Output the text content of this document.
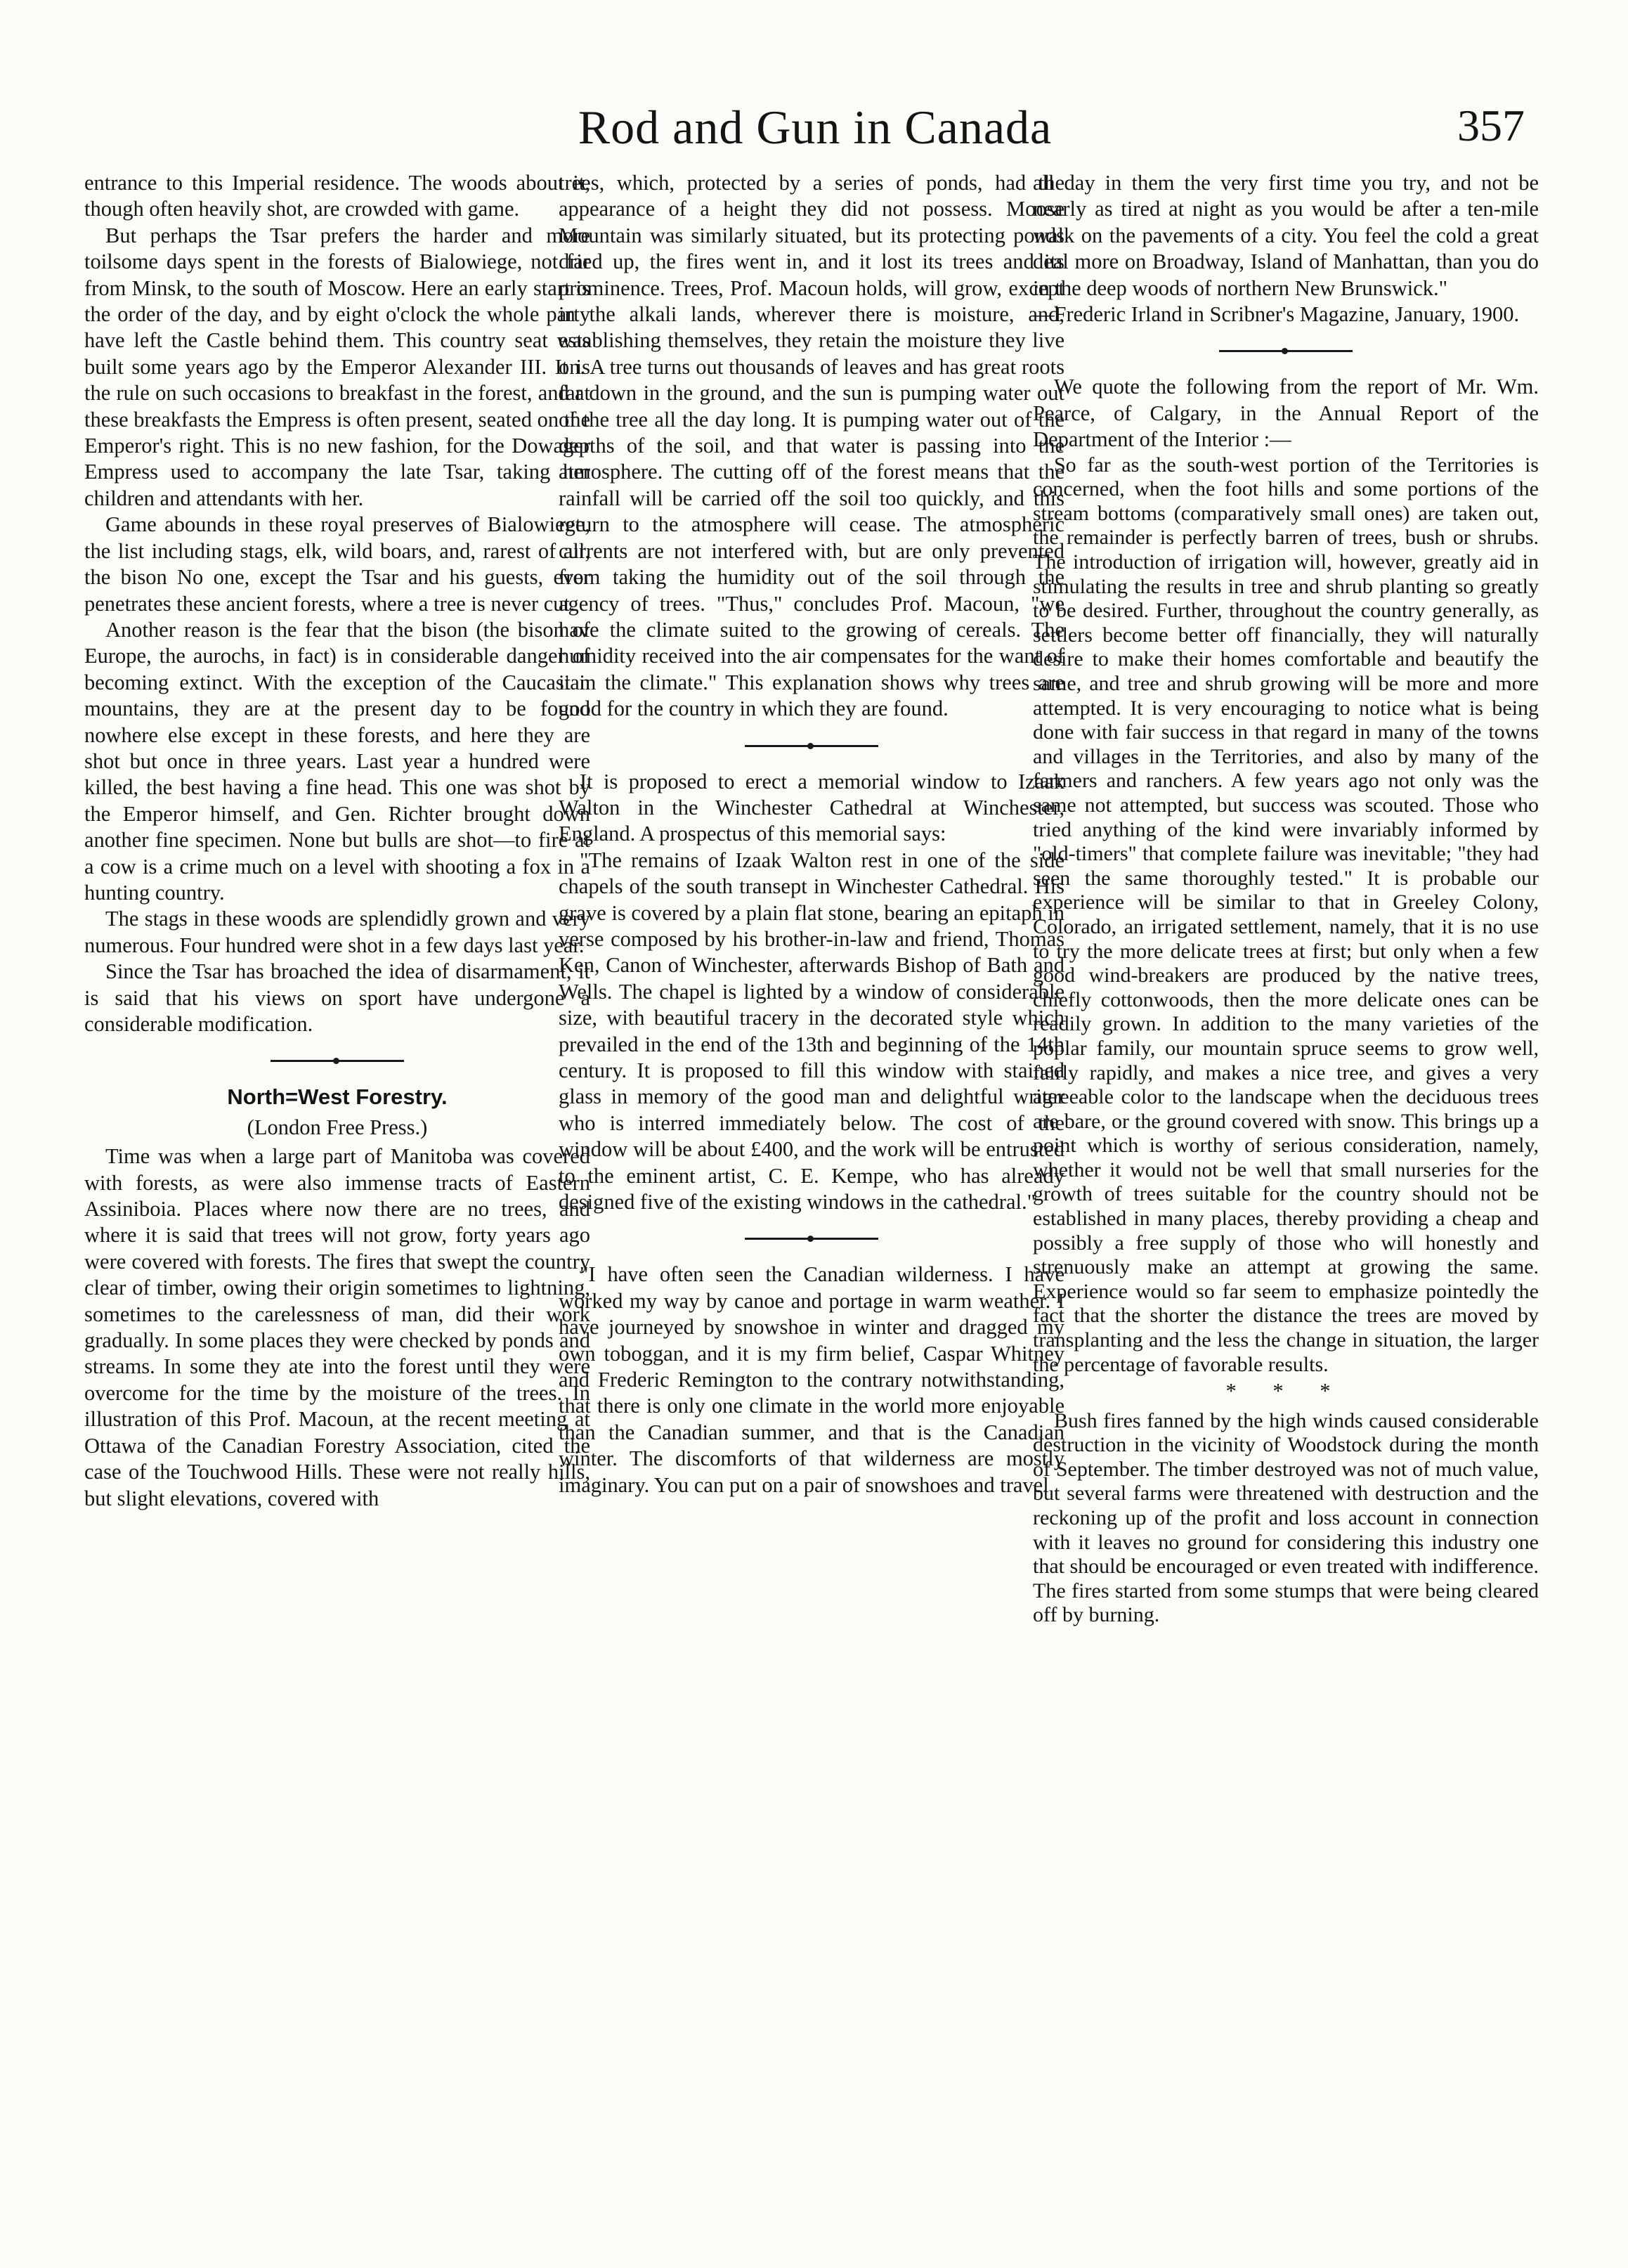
Rod and Gun in Canada	357

entrance to this Imperial residence. The woods about it, though often heavily shot, are crowded with game.

But perhaps the Tsar prefers the harder and more toilsome days spent in the forests of Bialowiege, not far from Minsk, to the south of Moscow. Here an early start is the order of the day, and by eight o'clock the whole party have left the Castle behind them. This country seat was built some years ago by the Emperor Alexander III. It is the rule on such occasions to breakfast in the forest, and at these breakfasts the Empress is often present, seated on the Emperor's right. This is no new fashion, for the Dowager Empress used to accompany the late Tsar, taking her children and attendants with her.

Game abounds in these royal preserves of Bialowiege, the list including stags, elk, wild boars, and, rarest of all, the bison No one, except the Tsar and his guests, ever penetrates these ancient forests, where a tree is never cut.

Another reason is the fear that the bison (the bison of Europe, the aurochs, in fact) is in considerable danger of becoming extinct. With the exception of the Caucasian mountains, they are at the present day to be found nowhere else except in these forests, and here they are shot but once in three years. Last year a hundred were killed, the best having a fine head. This one was shot by the Emperor himself, and Gen. Richter brought down another fine specimen. None but bulls are shot—to fire at a cow is a crime much on a level with shooting a fox in a hunting country.

The stags in these woods are splendidly grown and very numerous. Four hundred were shot in a few days last year.

Since the Tsar has broached the idea of disarmament, it is said that his views on sport have undergone a considerable modification.

North=West Forestry.

(London Free Press.)

Time was when a large part of Manitoba was covered with forests, as were also immense tracts of Eastern Assiniboia. Places where now there are no trees, and where it is said that trees will not grow, forty years ago were covered with forests. The fires that swept the country clear of timber, owing their origin sometimes to lightning, sometimes to the carelessness of man, did their work gradually. In some places they were checked by ponds and streams. In some they ate into the forest until they were overcome for the time by the moisture of the trees. In illustration of this Prof. Macoun, at the recent meeting at Ottawa of the Canadian Forestry Association, cited the case of the Touchwood Hills. These were not really hills, but slight elevations, covered with

trees, which, protected by a series of ponds, had the appearance of a height they did not possess. Moose Mountain was similarly situated, but its protecting ponds dried up, the fires went in, and it lost its trees and its prominence. Trees, Prof. Macoun holds, will grow, except in the alkali lands, wherever there is moisture, and, establishing themselves, they retain the moisture they live on. A tree turns out thousands of leaves and has great roots far down in the ground, and the sun is pumping water out of the tree all the day long. It is pumping water out of the depths of the soil, and that water is passing into the atmosphere. The cutting off of the forest means that the rainfall will be carried off the soil too quickly, and this return to the atmosphere will cease. The atmospheric currents are not interfered with, but are only prevented from taking the humidity out of the soil through the agency of trees. "Thus," concludes Prof. Macoun, "we have the climate suited to the growing of cereals. The humidity received into the air compensates for the want of it in the climate." This explanation shows why trees are good for the country in which they are found.

It is proposed to erect a memorial window to Izaak Walton in the Winchester Cathedral at Winchester, England. A prospectus of this memorial says:

"The remains of Izaak Walton rest in one of the side chapels of the south transept in Winchester Cathedral. His grave is covered by a plain flat stone, bearing an epitaph in verse composed by his brother-in-law and friend, Thomas Ken, Canon of Winchester, afterwards Bishop of Bath and Wells. The chapel is lighted by a window of considerable size, with beautiful tracery in the decorated style which prevailed in the end of the 13th and beginning of the 14th century. It is proposed to fill this window with stained glass in memory of the good man and delightful writer who is interred immediately below. The cost of the window will be about £400, and the work will be entrusted to the eminent artist, C. E. Kempe, who has already designed five of the existing windows in the cathedral."

"I have often seen the Canadian wilderness. I have worked my way by canoe and portage in warm weather. I have journeyed by snowshoe in winter and dragged my own toboggan, and it is my firm belief, Caspar Whitney and Frederic Remington to the contrary notwithstanding, that there is only one climate in the world more enjoyable than the Canadian summer, and that is the Canadian winter. The discomforts of that wilderness are mostly imaginary. You can put on a pair of snowshoes and travel

all day in them the very first time you try, and not be nearly as tired at night as you would be after a ten-mile walk on the pavements of a city. You feel the cold a great deal more on Broadway, Island of Manhattan, than you do in the deep woods of northern New Brunswick."

—Frederic Irland in Scribner's Magazine, January, 1900.

We quote the following from the report of Mr. Wm. Pearce, of Calgary, in the Annual Report of the Department of the Interior :—

So far as the south-west portion of the Territories is concerned, when the foot hills and some portions of the stream bottoms (comparatively small ones) are taken out, the remainder is perfectly barren of trees, bush or shrubs. The introduction of irrigation will, however, greatly aid in stimulating the results in tree and shrub planting so greatly to be desired. Further, throughout the country generally, as settlers become better off financially, they will naturally desire to make their homes comfortable and beautify the same, and tree and shrub growing will be more and more attempted. It is very encouraging to notice what is being done with fair success in that regard in many of the towns and villages in the Territories, and also by many of the farmers and ranchers. A few years ago not only was the same not attempted, but success was scouted. Those who tried anything of the kind were invariably informed by "old-timers" that complete failure was inevitable; "they had seen the same thoroughly tested." It is probable our experience will be similar to that in Greeley Colony, Colorado, an irrigated settlement, namely, that it is no use to try the more delicate trees at first; but only when a few good wind-breakers are produced by the native trees, chiefly cottonwoods, then the more delicate ones can be readily grown. In addition to the many varieties of the poplar family, our mountain spruce seems to grow well, fairly rapidly, and makes a nice tree, and gives a very agreeable color to the landscape when the deciduous trees are bare, or the ground covered with snow. This brings up a point which is worthy of serious consideration, namely, whether it would not be well that small nurseries for the growth of trees suitable for the country should not be established in many places, thereby providing a cheap and possibly a free supply of those who will honestly and strenuously make an attempt at growing the same. Experience would so far seem to emphasize pointedly the fact that the shorter the distance the trees are moved by transplanting and the less the change in situation, the larger the percentage of favorable results.

* * *

Bush fires fanned by the high winds caused considerable destruction in the vicinity of Woodstock during the month of September. The timber destroyed was not of much value, but several farms were threatened with destruction and the reckoning up of the profit and loss account in connection with it leaves no ground for considering this industry one that should be encouraged or even treated with indifference. The fires started from some stumps that were being cleared off by burning.
